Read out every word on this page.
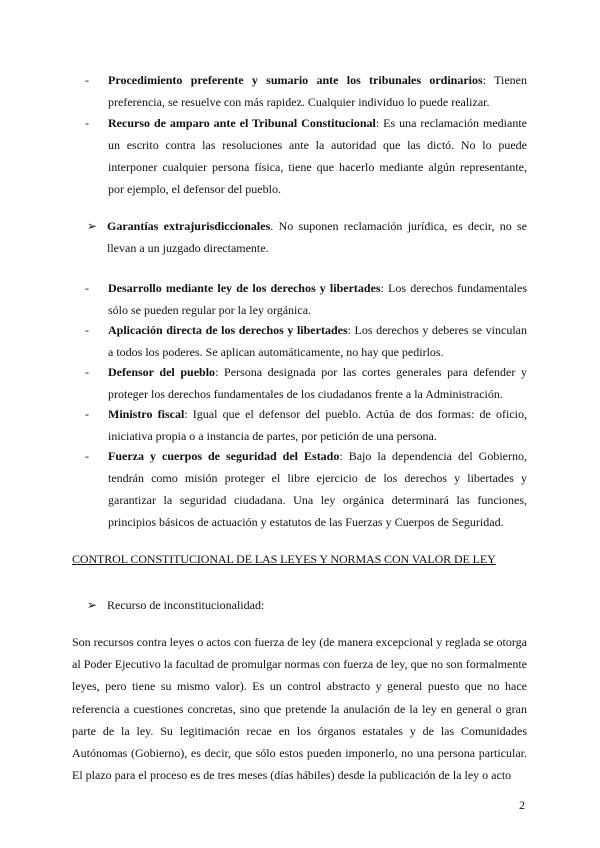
-	Procedimiento preferente y sumario ante los tribunales ordinarios: Tienen preferencia, se resuelve con más rapidez. Cualquier individuo lo puede realizar.
-	Recurso de amparo ante el Tribunal Constitucional: Es una reclamación mediante un escrito contra las resoluciones ante la autoridad que las dictó. No lo puede interponer cualquier persona física, tiene que hacerlo mediante algún representante, por ejemplo, el defensor del pueblo.
➢ Garantías extrajurisdiccionales. No suponen reclamación jurídica, es decir, no se llevan a un juzgado directamente.
-	Desarrollo mediante ley de los derechos y libertades: Los derechos fundamentales sólo se pueden regular por la ley orgánica.
-	Aplicación directa de los derechos y libertades: Los derechos y deberes se vinculan a todos los poderes. Se aplican automáticamente, no hay que pedirlos.
-	Defensor del pueblo: Persona designada por las cortes generales para defender y proteger los derechos fundamentales de los ciudadanos frente a la Administración.
-	Ministro fiscal: Igual que el defensor del pueblo. Actúa de dos formas: de oficio, iniciativa propia o a instancia de partes, por petición de una persona.
-	Fuerza y cuerpos de seguridad del Estado: Bajo la dependencia del Gobierno, tendrán como misión proteger el libre ejercicio de los derechos y libertades y garantizar la seguridad ciudadana. Una ley orgánica determinará las funciones, principios básicos de actuación y estatutos de las Fuerzas y Cuerpos de Seguridad.
CONTROL CONSTITUCIONAL DE LAS LEYES Y NORMAS CON VALOR DE LEY
➢ Recurso de inconstitucionalidad:
Son recursos contra leyes o actos con fuerza de ley (de manera excepcional y reglada se otorga al Poder Ejecutivo la facultad de promulgar normas con fuerza de ley, que no son formalmente leyes, pero tiene su mismo valor). Es un control abstracto y general puesto que no hace referencia a cuestiones concretas, sino que pretende la anulación de la ley en general o gran parte de la ley. Su legitimación recae en los órganos estatales y de las Comunidades Autónomas (Gobierno), es decir, que sólo estos pueden imponerlo, no una persona particular. El plazo para el proceso es de tres meses (días hábiles) desde la publicación de la ley o acto
2
